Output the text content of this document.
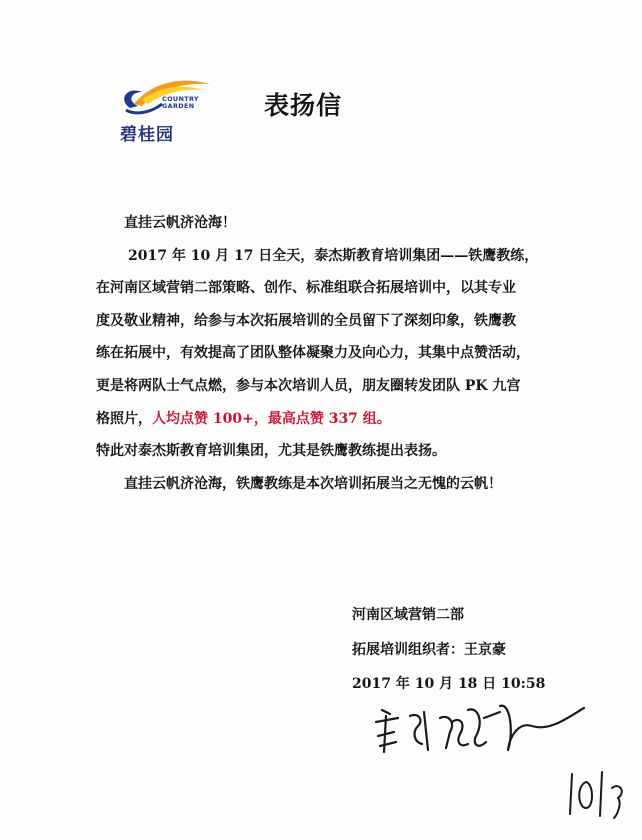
COUNTRY
GARDEN
碧桂园
表扬信

直挂云帆济沧海！

2017 年 10 月 17 日全天，泰杰斯教育培训集团——铁鹰教练，

在河南区域营销二部策略、创作、标准组联合拓展培训中，以其专业

度及敬业精神，给参与本次拓展培训的全员留下了深刻印象，铁鹰教

练在拓展中，有效提高了团队整体凝聚力及向心力，其集中点赞活动，

更是将两队士气点燃，参与本次培训人员，朋友圈转发团队 PK 九宫

格照片，人均点赞 100+，最高点赞 337 组。

特此对泰杰斯教育培训集团，尤其是铁鹰教练提出表扬。

直挂云帆济沧海，铁鹰教练是本次培训拓展当之无愧的云帆！

河南区域营销二部
拓展培训组织者：王京豪
2017 年 10 月 18 日 10:58
